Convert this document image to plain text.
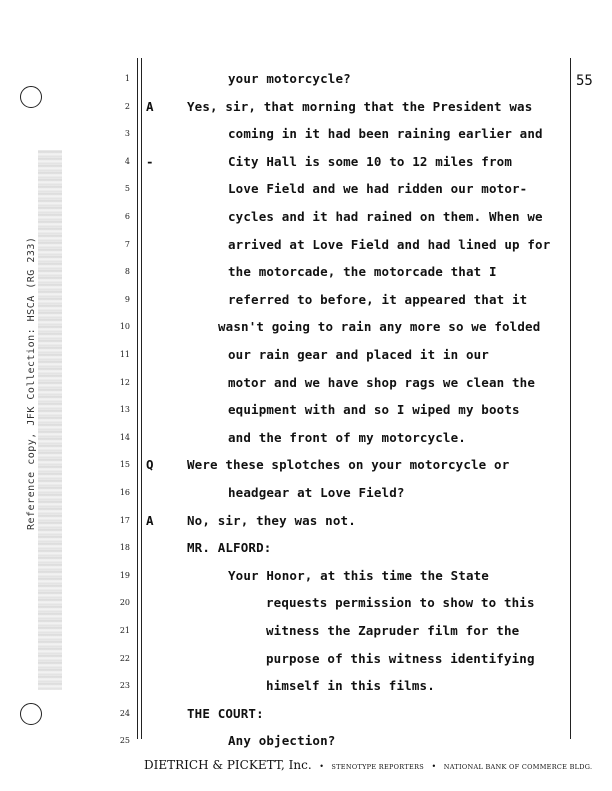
Reference copy, JFK Collection: HSCA (RG 233)
55
1	your motorcycle?
2 A	Yes, sir, that morning that the President was
3	coming in it had been raining earlier and
4 -	City Hall is some 10 to 12 miles from
5	Love Field and we had ridden our motor-
6	cycles and it had rained on them. When we
7	arrived at Love Field and had lined up for
8	the motorcade, the motorcade that I
9	referred to before, it appeared that it
10	wasn't going to rain any more so we folded
11	our rain gear and placed it in our
12	motor and we have shop rags we clean the
13	equipment with and so I wiped my boots
14	and the front of my motorcycle.
15 Q	Were these splotches on your motorcycle or
16	headgear at Love Field?
17 A	No, sir, they was not.
18	MR. ALFORD:
19	Your Honor, at this time the State
20	requests permission to show to this
21	witness the Zapruder film for the
22	purpose of this witness identifying
23	himself in this films.
24	THE COURT:
25	Any objection?
DIETRICH & PICKETT, Inc. • STENOTYPE REPORTERS • NATIONAL BANK OF COMMERCE BLDG.
